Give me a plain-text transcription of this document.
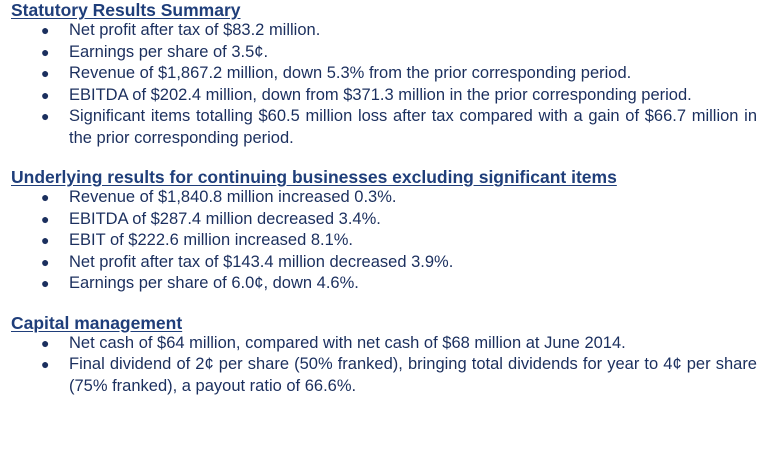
Statutory Results Summary
● Net profit after tax of $83.2 million.
● Earnings per share of 3.5¢.
● Revenue of $1,867.2 million, down 5.3% from the prior corresponding period.
● EBITDA of $202.4 million, down from $371.3 million in the prior corresponding period.
● Significant items totalling $60.5 million loss after tax compared with a gain of $66.7 million in the prior corresponding period.
Underlying results for continuing businesses excluding significant items
● Revenue of $1,840.8 million increased 0.3%.
● EBITDA of $287.4 million decreased 3.4%.
● EBIT of $222.6 million increased 8.1%.
● Net profit after tax of $143.4 million decreased 3.9%.
● Earnings per share of 6.0¢, down 4.6%.
Capital management
● Net cash of $64 million, compared with net cash of $68 million at June 2014.
● Final dividend of 2¢ per share (50% franked), bringing total dividends for year to 4¢ per share (75% franked), a payout ratio of 66.6%.
